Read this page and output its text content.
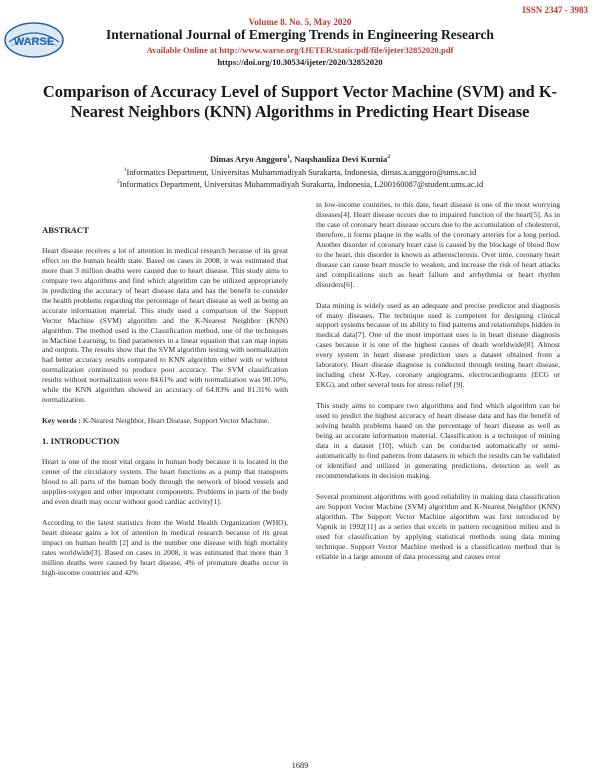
ISSN 2347 - 3983
WARSE
Volume 8. No. 5, May 2020
International Journal of Emerging Trends in Engineering Research
Available Online at http://www.warse.org/IJETER/static/pdf/file/ijeter32852020.pdf
https://doi.org/10.30534/ijeter/2020/32852020
Comparison of Accuracy Level of Support Vector Machine (SVM) and K-Nearest Neighbors (KNN) Algorithms in Predicting Heart Disease
Dimas Aryo Anggoro$^1$, Naqshauliza Devi Kurnia$^2$
$^1$Informatics Department, Universitas Muhammadiyah Surakarta, Indonesia, dimas.a.anggoro@ums.ac.id
$^2$Informatics Department, Universitas Muhammadiyah Surakarta, Indonesia, L200160087@student.ums.ac.id
ABSTRACT

Heart disease receives a lot of attention in medical research because of its great effect on the human health state. Based on cases in 2008, it was estimated that more than 3 million deaths were caused due to heart disease. This study aims to compare two algorithms and find which algorithm can be utilized appropriately in predicting the accuracy of heart disease data and has the benefit to consider the health problems regarding the percentage of heart disease as well as being an accurate information material. This study used a comparison of the Support Vector Machine (SVM) algorithm and the K-Nearest Neighbor (KNN) algorithm. The method used is the Classification method, one of the techniques in Machine Learning, to find parameters in a linear equation that can map inputs and outputs. The results show that the SVM algorithm testing with normalization had better accuracy results compared to KNN algorithm either with or without normalization continued to produce poor accuracy. The SVM classification results without normalization were 84.61% and with normalization was 90.10%, while the KNN algorithm showed an accuracy of 64.83% and 81.31% with normalization.

Key words : K-Nearest Neighbor, Heart Disease, Support Vector Machine.

1. INTRODUCTION

Heart is one of the most vital organs in human body because it is located in the center of the circulatory system. The heart functions as a pump that transports blood to all parts of the human body through the network of blood vessels and supplies oxygen and other important components. Problems in parts of the body and even death may occur without good cardiac activity[1].

According to the latest statistics from the World Health Organization (WHO), heart disease gains a lot of attention in medical research because of its great impact on human health [2] and is the number one disease with high mortality rates worldwide[3]. Based on cases in 2008, it was estimated that more than 3 million deaths were caused by heart disease, 4% of premature deaths occur in high-income countries and 42%

in low-income countries, to this date, heart disease is one of the most worrying diseases[4]. Heart disease occurs due to impaired function of the heart[5]. As in the case of coronary heart disease occurs due to the accumulation of cholesterol, therefore, it forms plaque in the walls of the coronary arteries for a long period. Another disorder of coronary heart case is caused by the blockage of blood flow to the heart, this disorder is known as atherosclerosis. Over time, coronary heart disease can cause heart muscle to weaken, and increase the risk of heart attacks and complications such as heart failure and arrhythmia or heart rhythm disorders[6].

Data mining is widely used as an adequate and precise predictor and diagnosis of many diseases. The technique used is competent for designing clinical support systems because of its ability to find patterns and relationships hidden in medical data[7]. One of the most important uses is in heart disease diagnosis cases because it is one of the highest causes of death worldwide[8]. Almost every system in heart disease prediction uses a dataset obtained from a laboratory. Heart disease diagnose is conducted through testing heart disease, including chest X-Ray, coronary angiograms, electrocardiograms (ECG or EKG), and other several tests for stress relief [9].

This study aims to compare two algorithms and find which algorithm can be used to predict the highest accuracy of heart disease data and has the benefit of solving health problems based on the percentage of heart disease as well as being an accurate information material. Classification is a technique of mining data in a dataset [10], which can be conducted automatically or semi-automatically to find patterns from datasets in which the results can be validated or identified and utilized in generating predictions, detection as well as recommendations in decision making.

Several prominent algorithms with good reliability in making data classification are Support Vector Machine (SVM) algorithm and K-Nearest Neighbor (KNN) algorithm. The Support Vector Machine algorithm was first introduced by Vapnik in 1992[11] as a series that excels in pattern recognition milieu and is used for classification by applying statistical methods using data mining technique. Support Vector Machine method is a classification method that is reliable in a large amount of data processing and causes error

1689
